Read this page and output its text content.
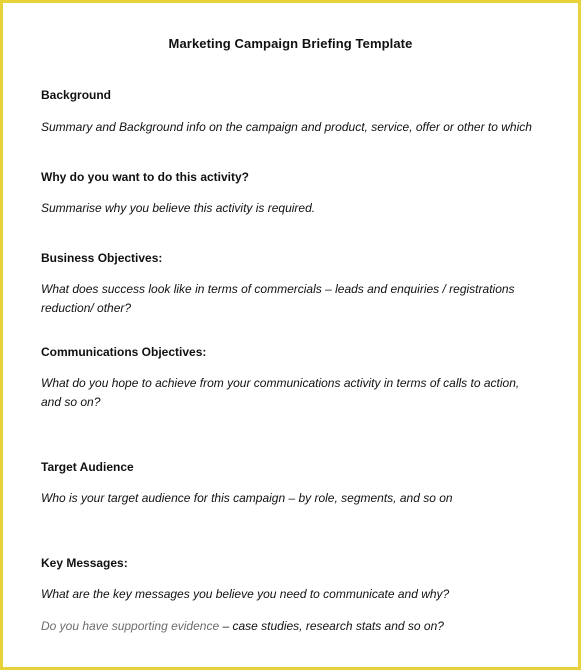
Marketing Campaign Briefing Template
Background
Summary and Background info on the campaign and product, service, offer or other to which
Why do you want to do this activity?
Summarise why you believe this activity is required.
Business Objectives:
What does success look like in terms of commercials – leads and enquiries / registrations
reduction/ other?
Communications Objectives:
What do you hope to achieve from your communications activity in terms of calls to action,
and so on?
Target Audience
Who is your target audience for this campaign – by role, segments, and so on
Key Messages:
What are the key messages you believe you need to communicate and why?
Do you have supporting evidence – case studies, research stats and so on?
